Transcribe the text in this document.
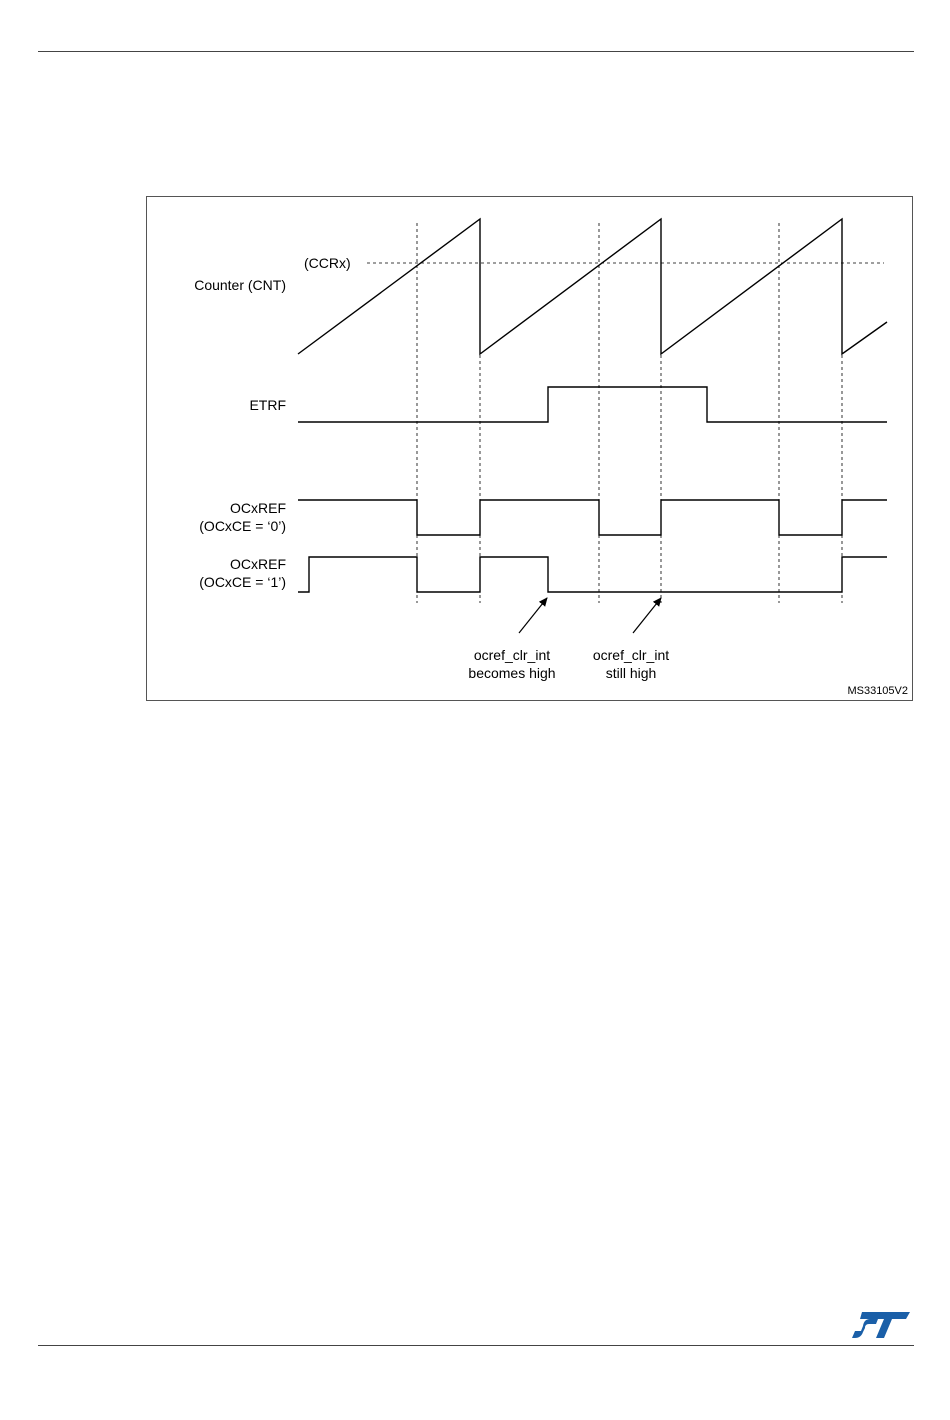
Counter (CNT)
(CCRx)
ETRF
OCxREF
(OCxCE = ‘0’)
OCxREF
(OCxCE = ‘1’)
ocref_clr_int
becomes high
ocref_clr_int
still high
MS33105V2
